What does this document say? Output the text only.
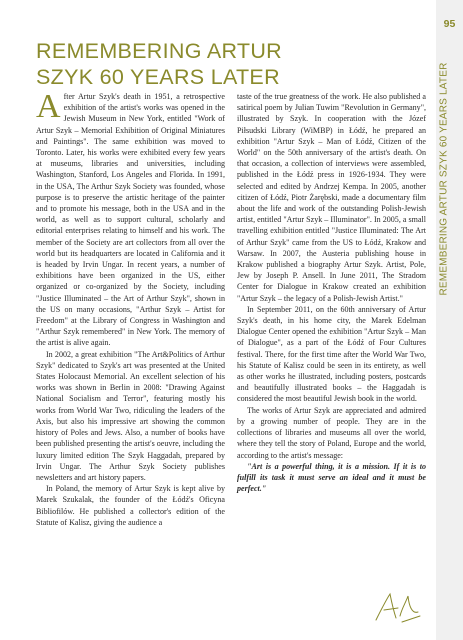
95
REMEMBERING ARTUR SZYK 60 YEARS LATER
REMEMBERING ARTUR
SZYK 60 YEARS LATER

After Artur Szyk's death in 1951, a retrospective exhibition of the artist's works was opened in the Jewish Museum in New York, entitled "Work of Artur Szyk – Memorial Exhibition of Original Miniatures and Paintings". The same exhibition was moved to Toronto. Later, his works were exhibited every few years at museums, libraries and universities, including Washington, Stanford, Los Angeles and Florida. In 1991, in the USA, The Arthur Szyk Society was founded, whose purpose is to preserve the artistic heritage of the painter and to promote his message, both in the USA and in the world, as well as to support cultural, scholarly and editorial enterprises relating to himself and his work. The member of the Society are art collectors from all over the world but its headquarters are located in California and it is headed by Irvin Ungar. In recent years, a number of exhibitions have been organized in the US, either organized or co-organized by the Society, including "Justice Illuminated – the Art of Arthur Szyk", shown in the US on many occasions, "Arthur Szyk – Artist for Freedom" at the Library of Congress in Washington and "Arthur Szyk remembered" in New York. The memory of the artist is alive again.

In 2002, a great exhibition "The Art&Politics of Arthur Szyk" dedicated to Szyk's art was presented at the United States Holocaust Memorial. An excellent selection of his works was shown in Berlin in 2008: "Drawing Against National Socialism and Terror", featuring mostly his works from World War Two, ridiculing the leaders of the Axis, but also his impressive art showing the common history of Poles and Jews. Also, a number of books have been published presenting the artist's oeuvre, including the luxury limited edition The Szyk Haggadah, prepared by Irvin Ungar. The Arthur Szyk Society publishes newsletters and art history papers.

In Poland, the memory of Artur Szyk is kept alive by Marek Szukalak, the founder of the Łódź's Oficyna Bibliofilów. He published a collector's edition of the Statute of Kalisz, giving the audience a

taste of the true greatness of the work. He also published a satirical poem by Julian Tuwim "Revolution in Germany", illustrated by Szyk. In cooperation with the Józef Piłsudski Library (WiMBP) in Łódź, he prepared an exhibition "Artur Szyk – Man of Łódź, Citizen of the World" on the 50th anniversary of the artist's death. On that occasion, a collection of interviews were assembled, published in the Łódź press in 1926-1934. They were selected and edited by Andrzej Kempa. In 2005, another citizen of Łódź, Piotr Żarębski, made a documentary film about the life and work of the outstanding Polish-Jewish artist, entitled "Artur Szyk – Illuminator". In 2005, a small travelling exhibition entitled "Justice Illuminated: The Art of Arthur Szyk" came from the US to Łódź, Krakow and Warsaw. In 2007, the Austeria publishing house in Krakow published a biography Artur Szyk. Artist, Pole, Jew by Joseph P. Ansell. In June 2011, The Stradom Center for Dialogue in Krakow created an exhibition "Artur Szyk – the legacy of a Polish-Jewish Artist."

In September 2011, on the 60th anniversary of Artur Szyk's death, in his home city, the Marek Edelman Dialogue Center opened the exhibition "Artur Szyk – Man of Dialogue", as a part of the Łódź of Four Cultures festival. There, for the first time after the World War Two, his Statute of Kalisz could be seen in its entirety, as well as other works he illustrated, including posters, postcards and beautifully illustrated books – the Haggadah is considered the most beautiful Jewish book in the world.

The works of Artur Szyk are appreciated and admired by a growing number of people. They are in the collections of libraries and museums all over the world, where they tell the story of Poland, Europe and the world, according to the artist's message:

"Art is a powerful thing, it is a mission. If it is to fulfill its task it must serve an ideal and it must be perfect."
